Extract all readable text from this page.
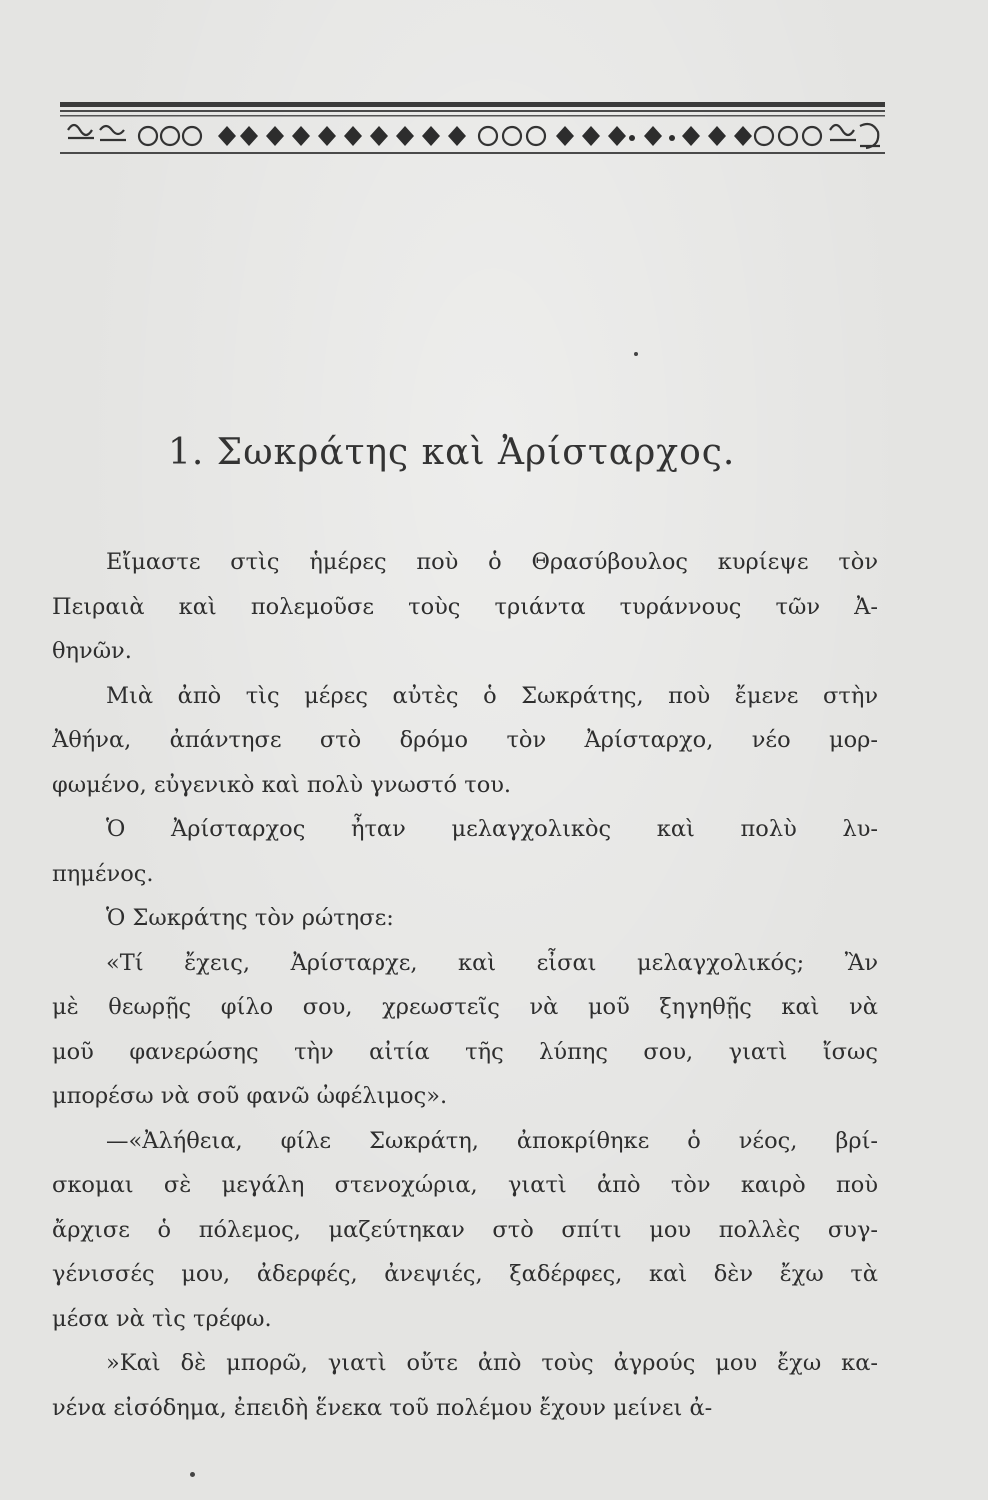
1. Σωκράτης καὶ Ἀρίσταρχος.

Εἴμαστε στὶς ἡμέρες ποὺ ὁ Θρασύβουλος κυρίεψε τὸν
Πειραιὰ καὶ πολεμοῦσε τοὺς τριάντα τυράννους τῶν Ἀ-
θηνῶν.

Μιὰ ἀπὸ τὶς μέρες αὐτὲς ὁ Σωκράτης, ποὺ ἔμενε στὴν
Ἀθήνα, ἀπάντησε στὸ δρόμο τὸν Ἀρίσταρχο, νέο μορ-
φωμένο, εὐγενικὸ καὶ πολὺ γνωστό του.

Ὁ Ἀρίσταρχος ἦταν μελαγχολικὸς καὶ πολὺ λυ-
πημένος.

Ὁ Σωκράτης τὸν ρώτησε:

«Τί ἔχεις, Ἀρίσταρχε, καὶ εἶσαι μελαγχολικός; Ἂν
μὲ θεωρῇς φίλο σου, χρεωστεῖς νὰ μοῦ ξηγηθῇς καὶ νὰ
μοῦ φανερώσης τὴν αἰτία τῆς λύπης σου, γιατὶ ἴσως
μπορέσω νὰ σοῦ φανῶ ὠφέλιμος».

—«Ἀλήθεια, φίλε Σωκράτη, ἀποκρίθηκε ὁ νέος, βρί-
σκομαι σὲ μεγάλη στενοχώρια, γιατὶ ἀπὸ τὸν καιρὸ ποὺ
ἄρχισε ὁ πόλεμος, μαζεύτηκαν στὸ σπίτι μου πολλὲς συγ-
γένισσές μου, ἀδερφές, ἀνεψιές, ξαδέρφες, καὶ δὲν ἔχω τὰ
μέσα νὰ τὶς τρέφω.

»Καὶ δὲ μπορῶ, γιατὶ οὔτε ἀπὸ τοὺς ἀγρούς μου ἔχω κα-
νένα εἰσόδημα, ἐπειδὴ ἕνεκα τοῦ πολέμου ἔχουν μείνει ἀ-
